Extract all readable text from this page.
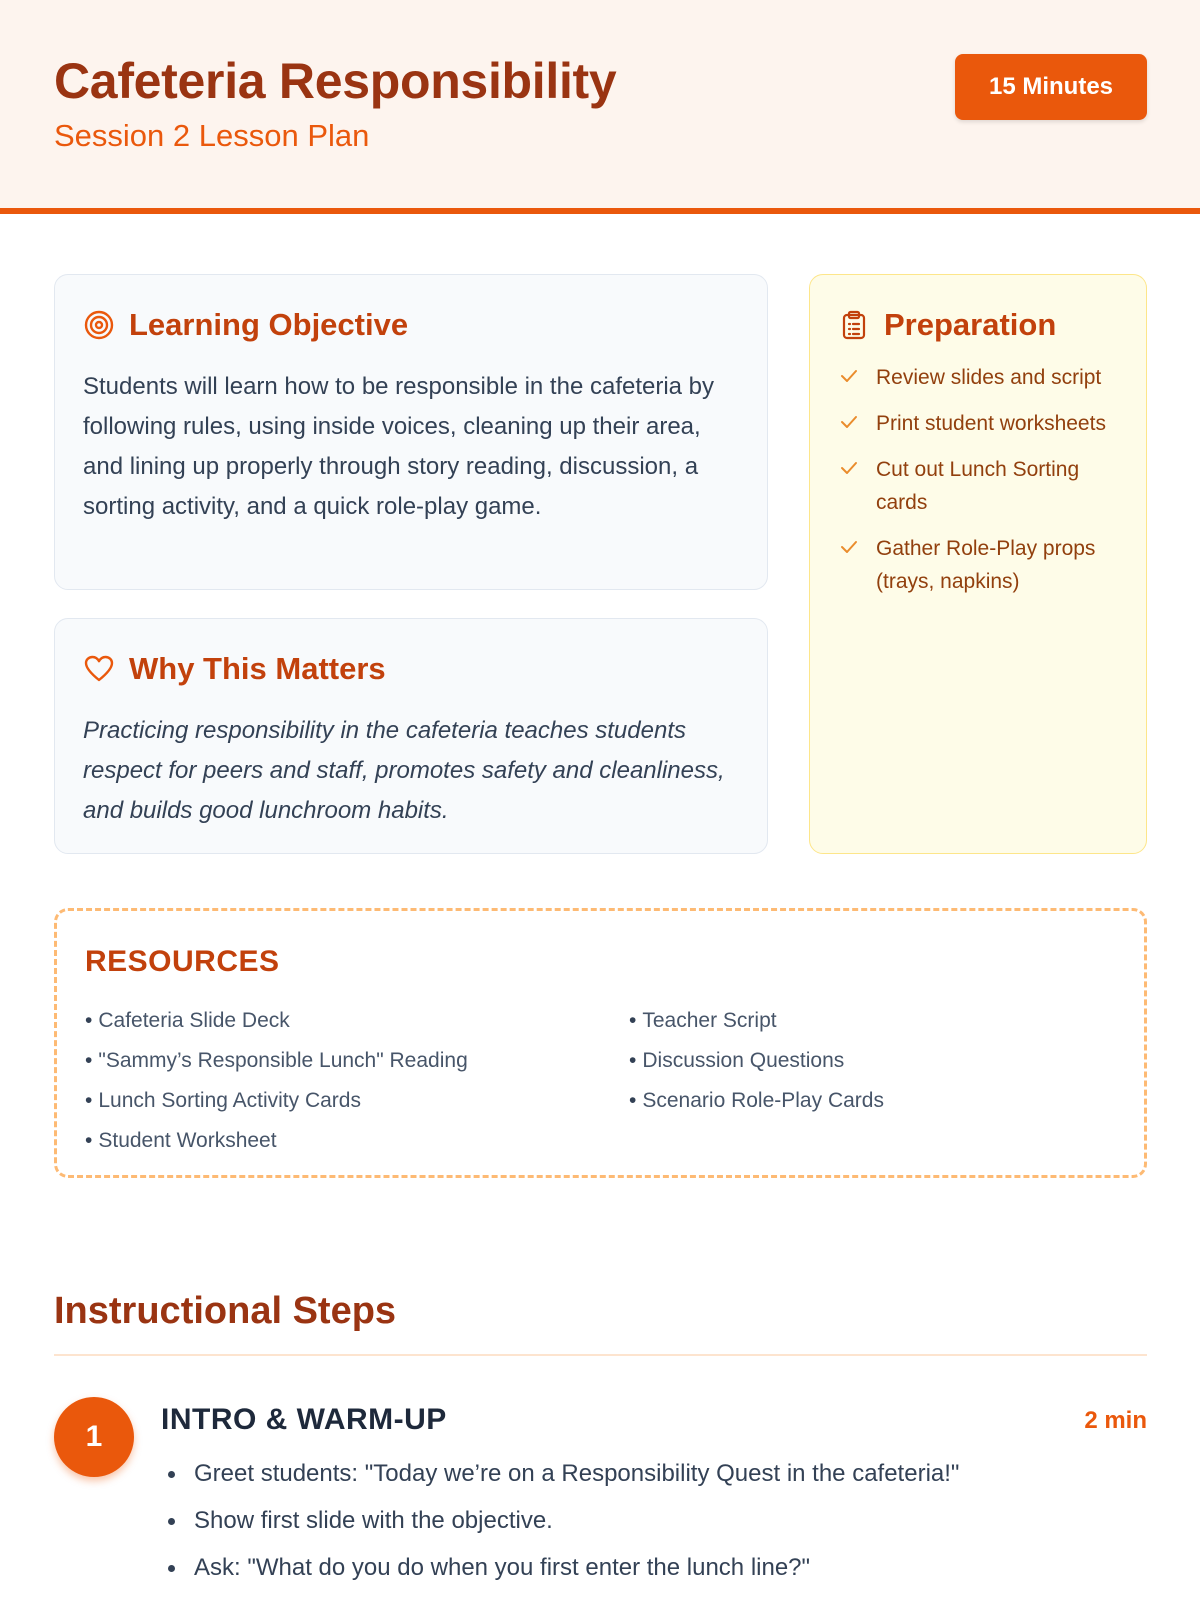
Cafeteria Responsibility
Session 2 Lesson Plan
15 Minutes
Learning Objective

Students will learn how to be responsible in the cafeteria by following rules, using inside voices, cleaning up their area, and lining up properly through story reading, discussion, a sorting activity, and a quick role-play game.

Why This Matters

Practicing responsibility in the cafeteria teaches students respect for peers and staff, promotes safety and cleanliness, and builds good lunchroom habits.

Preparation
Review slides and script
Print student worksheets
Cut out Lunch Sorting cards
Gather Role-Play props (trays, napkins)
RESOURCES
• Cafeteria Slide Deck
• "Sammy’s Responsible Lunch" Reading
• Lunch Sorting Activity Cards
• Student Worksheet
• Teacher Script
• Discussion Questions
• Scenario Role-Play Cards
Instructional Steps
1
INTRO & WARM-UP	2 min
Greet students: "Today we’re on a Responsibility Quest in the cafeteria!"
Show first slide with the objective.
Ask: "What do you do when you first enter the lunch line?"
